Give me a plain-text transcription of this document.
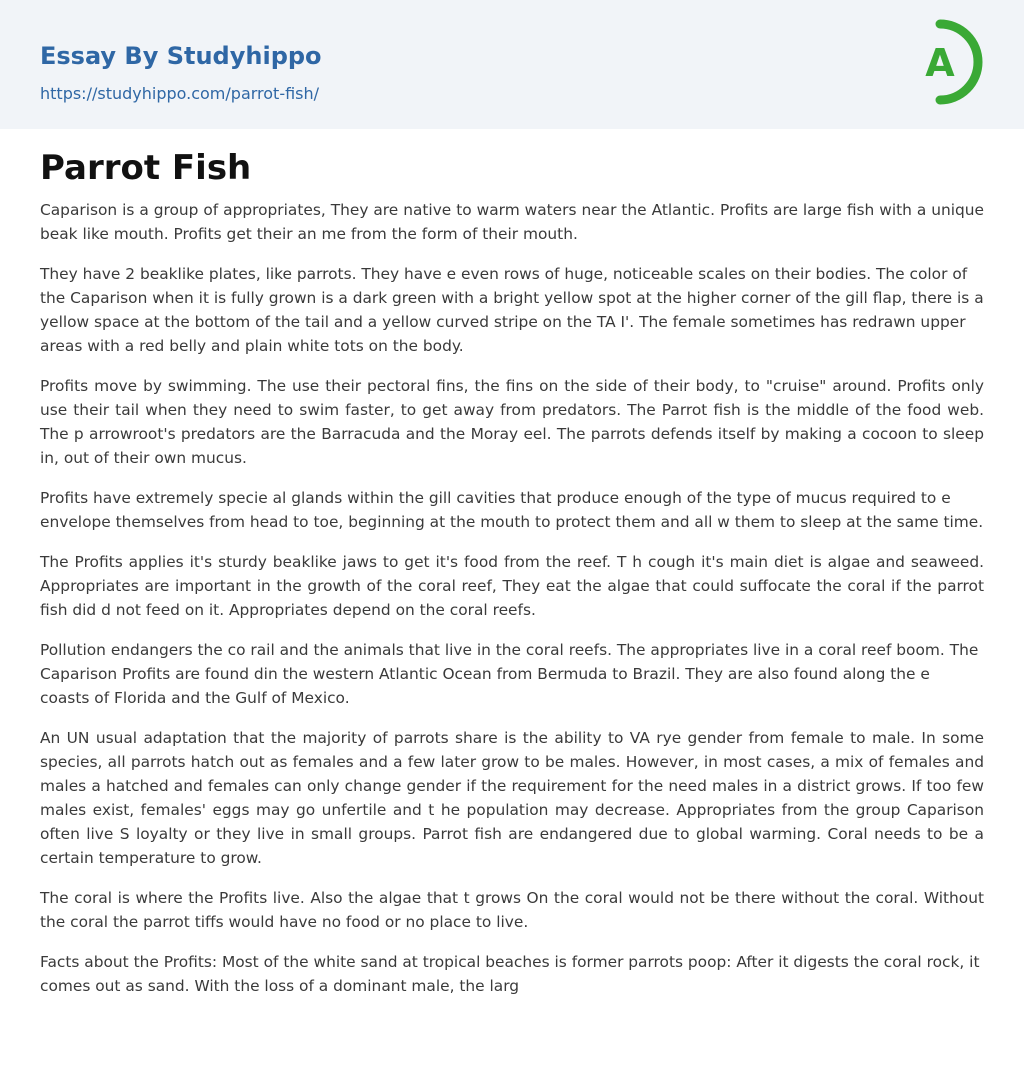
Essay By Studyhippo
https://studyhippo.com/parrot-fish/
A
Parrot Fish

Caparison is a group of appropriates, They are native to warm waters near the Atlantic. Profits are large fish with a unique beak like mouth. Profits get their an me from the form of their mouth.

They have 2 beaklike plates, like parrots. They have e even rows of huge, noticeable scales on their bodies. The color of the Caparison when it is fully grown is a dark green with a bright yellow spot at the higher corner of the gill flap, there is a yellow space at the bottom of the tail and a yellow curved stripe on the TA I'. The female sometimes has redrawn upper areas with a red belly and plain white tots on the body.

Profits move by swimming. The use their pectoral fins, the fins on the side of their body, to "cruise" around. Profits only use their tail when they need to swim faster, to get away from predators. The Parrot fish is the middle of the food web. The p arrowroot's predators are the Barracuda and the Moray eel. The parrots defends itself by making a cocoon to sleep in, out of their own mucus.

Profits have extremely specie al glands within the gill cavities that produce enough of the type of mucus required to e envelope themselves from head to toe, beginning at the mouth to protect them and all w them to sleep at the same time.

The Profits applies it's sturdy beaklike jaws to get it's food from the reef. T h cough it's main diet is algae and seaweed. Appropriates are important in the growth of the coral reef, They eat the algae that could suffocate the coral if the parrot fish did d not feed on it. Appropriates depend on the coral reefs.

Pollution endangers the co rail and the animals that live in the coral reefs. The appropriates live in a coral reef boom. The Caparison Profits are found din the western Atlantic Ocean from Bermuda to Brazil. They are also found along the e coasts of Florida and the Gulf of Mexico.

An UN usual adaptation that the majority of parrots share is the ability to VA rye gender from female to male. In some species, all parrots hatch out as females and a few later grow to be males. However, in most cases, a mix of females and males a hatched and females can only change gender if the requirement for the need males in a district grows. If too few males exist, females' eggs may go unfertile and t he population may decrease. Appropriates from the group Caparison often live S loyalty or they live in small groups. Parrot fish are endangered due to global warming. Coral needs to be a certain temperature to grow.

The coral is where the Profits live. Also the algae that t grows On the coral would not be there without the coral. Without the coral the parrot tiffs would have no food or no place to live.

Facts about the Profits: Most of the white sand at tropical beaches is former parrots poop: After it digests the coral rock, it comes out as sand. With the loss of a dominant male, the larg
